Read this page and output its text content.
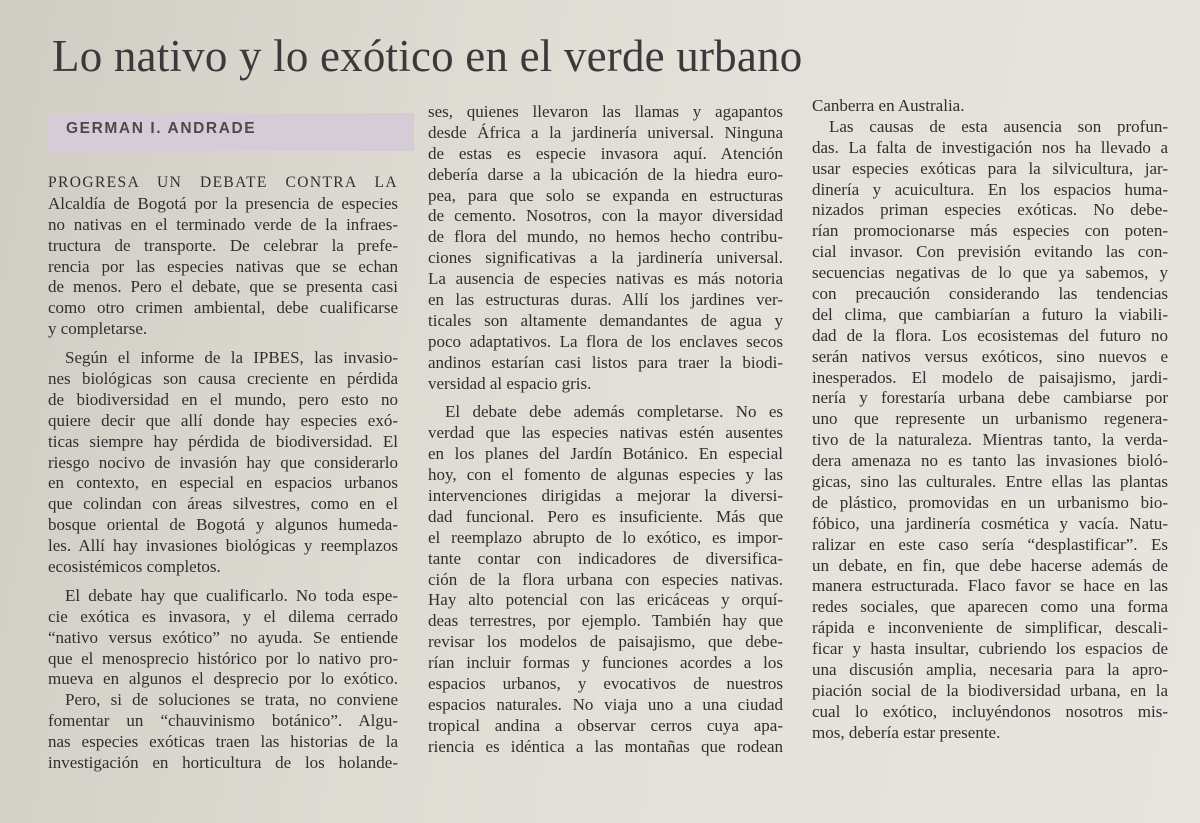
Lo nativo y lo exótico en el verde urbano
GERMAN I. ANDRADE
PROGRESA UN DEBATE CONTRA LA
Alcaldía de Bogotá por la presencia de especies
no nativas en el terminado verde de la infraes-
tructura de transporte. De celebrar la prefe-
rencia por las especies nativas que se echan
de menos. Pero el debate, que se presenta casi
como otro crimen ambiental, debe cualificarse
y completarse.
Según el informe de la IPBES, las invasio-
nes biológicas son causa creciente en pérdida
de biodiversidad en el mundo, pero esto no
quiere decir que allí donde hay especies exó-
ticas siempre hay pérdida de biodiversidad. El
riesgo nocivo de invasión hay que considerarlo
en contexto, en especial en espacios urbanos
que colindan con áreas silvestres, como en el
bosque oriental de Bogotá y algunos humeda-
les. Allí hay invasiones biológicas y reemplazos
ecosistémicos completos.
El debate hay que cualificarlo. No toda espe-
cie exótica es invasora, y el dilema cerrado
“nativo versus exótico” no ayuda. Se entiende
que el menosprecio histórico por lo nativo pro-
mueva en algunos el desprecio por lo exótico.
Pero, si de soluciones se trata, no conviene
fomentar un “chauvinismo botánico”. Algu-
nas especies exóticas traen las historias de la
investigación en horticultura de los holande-
ses, quienes llevaron las llamas y agapantos
desde África a la jardinería universal. Ninguna
de estas es especie invasora aquí. Atención
debería darse a la ubicación de la hiedra euro-
pea, para que solo se expanda en estructuras
de cemento. Nosotros, con la mayor diversidad
de flora del mundo, no hemos hecho contribu-
ciones significativas a la jardinería universal.
La ausencia de especies nativas es más notoria
en las estructuras duras. Allí los jardines ver-
ticales son altamente demandantes de agua y
poco adaptativos. La flora de los enclaves secos
andinos estarían casi listos para traer la biodi-
versidad al espacio gris.
El debate debe además completarse. No es
verdad que las especies nativas estén ausentes
en los planes del Jardín Botánico. En especial
hoy, con el fomento de algunas especies y las
intervenciones dirigidas a mejorar la diversi-
dad funcional. Pero es insuficiente. Más que
el reemplazo abrupto de lo exótico, es impor-
tante contar con indicadores de diversifica-
ción de la flora urbana con especies nativas.
Hay alto potencial con las ericáceas y orquí-
deas terrestres, por ejemplo. También hay que
revisar los modelos de paisajismo, que debe-
rían incluir formas y funciones acordes a los
espacios urbanos, y evocativos de nuestros
espacios naturales. No viaja uno a una ciudad
tropical andina a observar cerros cuya apa-
riencia es idéntica a las montañas que rodean
Canberra en Australia.
Las causas de esta ausencia son profun-
das. La falta de investigación nos ha llevado a
usar especies exóticas para la silvicultura, jar-
dinería y acuicultura. En los espacios huma-
nizados priman especies exóticas. No debe-
rían promocionarse más especies con poten-
cial invasor. Con previsión evitando las con-
secuencias negativas de lo que ya sabemos, y
con precaución considerando las tendencias
del clima, que cambiarían a futuro la viabili-
dad de la flora. Los ecosistemas del futuro no
serán nativos versus exóticos, sino nuevos e
inesperados. El modelo de paisajismo, jardi-
nería y forestaría urbana debe cambiarse por
uno que represente un urbanismo regenera-
tivo de la naturaleza. Mientras tanto, la verda-
dera amenaza no es tanto las invasiones bioló-
gicas, sino las culturales. Entre ellas las plantas
de plástico, promovidas en un urbanismo bio-
fóbico, una jardinería cosmética y vacía. Natu-
ralizar en este caso sería “desplastificar”. Es
un debate, en fin, que debe hacerse además de
manera estructurada. Flaco favor se hace en las
redes sociales, que aparecen como una forma
rápida e inconveniente de simplificar, descali-
ficar y hasta insultar, cubriendo los espacios de
una discusión amplia, necesaria para la apro-
piación social de la biodiversidad urbana, en la
cual lo exótico, incluyéndonos nosotros mis-
mos, debería estar presente.
